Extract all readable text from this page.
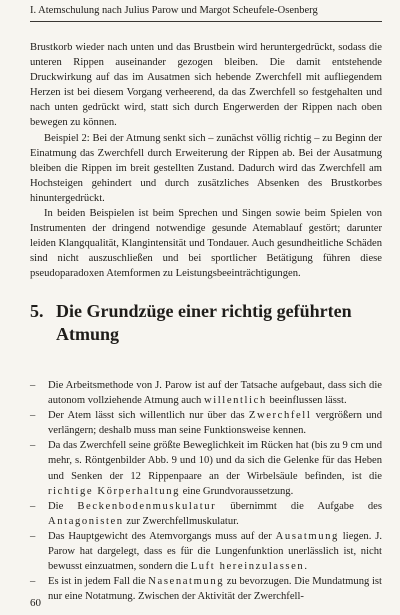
I. Atemschulung nach Julius Parow und Margot Scheufele-Osenberg

Brustkorb wieder nach unten und das Brustbein wird heruntergedrückt, sodass die unteren Rippen auseinander gezogen bleiben. Die damit entstehende Druckwirkung auf das im Ausatmen sich hebende Zwerchfell mit aufliegendem Herzen ist bei diesem Vorgang verheerend, da das Zwerchfell so festgehalten und nach unten gedrückt wird, statt sich durch Engerwerden der Rippen nach oben bewegen zu können.

Beispiel 2: Bei der Atmung senkt sich – zunächst völlig richtig – zu Beginn der Einatmung das Zwerchfell durch Erweiterung der Rippen ab. Bei der Ausatmung bleiben die Rippen im breit gestellten Zustand. Dadurch wird das Zwerchfell am Hochsteigen gehindert und durch zusätzliches Absenken des Brustkorbes hinuntergedrückt.

In beiden Beispielen ist beim Sprechen und Singen sowie beim Spielen von Instrumenten der dringend notwendige gesunde Atemablauf gestört; darunter leiden Klangqualität, Klangintensität und Tondauer. Auch gesundheitliche Schäden sind nicht auszuschließen und bei sportlicher Betätigung führen diese pseudoparadoxen Atemformen zu Leistungsbeeinträchtigungen.

5. Die Grundzüge einer richtig geführten
Atmung
– Die Arbeitsmethode von J. Parow ist auf der Tatsache aufgebaut, dass sich die autonom vollziehende Atmung auch willentlich beeinflussen lässt.
– Der Atem lässt sich willentlich nur über das Zwerchfell vergrößern und verlängern; deshalb muss man seine Funktionsweise kennen.
– Da das Zwerchfell seine größte Beweglichkeit im Rücken hat (bis zu 9 cm und mehr, s. Röntgenbilder Abb. 9 und 10) und da sich die Gelenke für das Heben und Senken der 12 Rippenpaare an der Wirbelsäule befinden, ist die richtige Körperhaltung eine Grundvoraussetzung.
– Die Beckenbodenmuskulatur übernimmt die Aufgabe des Antagonisten zur Zwerchfellmuskulatur.
– Das Hauptgewicht des Atemvorgangs muss auf der Ausatmung liegen. J. Parow hat dargelegt, dass es für die Lungenfunktion unerlässlich ist, nicht bewusst einzuatmen, sondern die Luft hereinzulassen.
– Es ist in jedem Fall die Nasenatmung zu bevorzugen. Die Mundatmung ist nur eine Notatmung. Zwischen der Aktivität der Zwerchfell-
60
